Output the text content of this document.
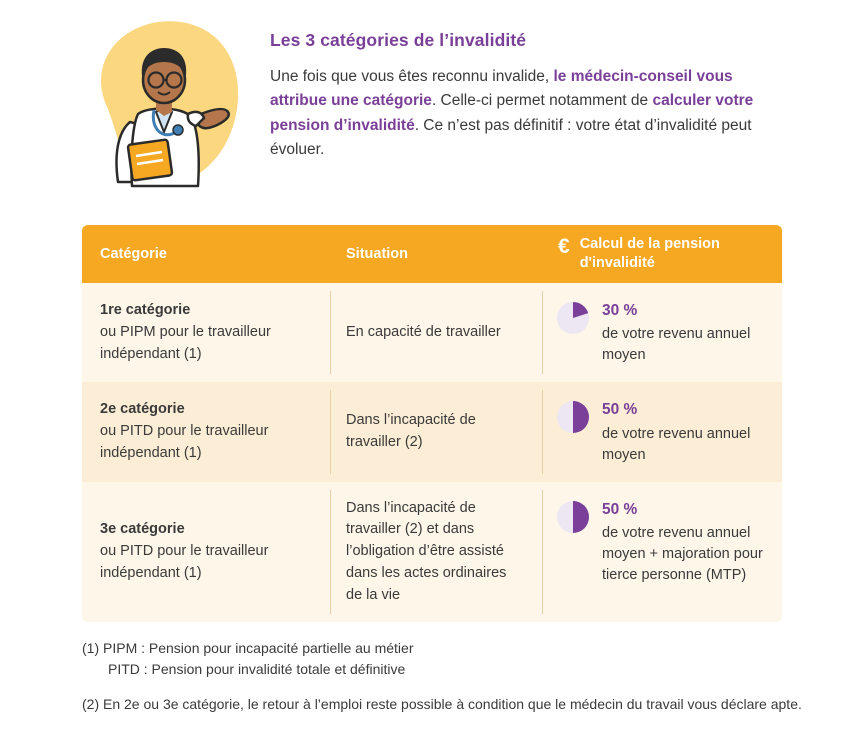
Les 3 catégories de l’invalidité

Une fois que vous êtes reconnu invalide, le médecin-conseil vous attribue une catégorie. Celle-ci permet notamment de calculer votre pension d’invalidité. Ce n’est pas définitif : votre état d’invalidité peut évoluer.

Catégorie	Situation	€ Calcul de la pension d'invalidité
1re catégorie
ou PIPM pour le travailleur indépendant (1)
En capacité de travailler
30 %
de votre revenu annuel moyen
2e catégorie
ou PITD pour le travailleur indépendant (1)
Dans l’incapacité de travailler (2)
50 %
de votre revenu annuel moyen
3e catégorie
ou PITD pour le travailleur indépendant (1)
Dans l’incapacité de travailler (2) et dans l’obligation d’être assisté dans les actes ordinaires de la vie
50 %
de votre revenu annuel moyen + majoration pour tierce personne (MTP)
(1) PIPM : Pension pour incapacité partielle au métier
PITD : Pension pour invalidité totale et définitive
(2) En 2e ou 3e catégorie, le retour à l’emploi reste possible à condition que le médecin du travail vous déclare apte.
